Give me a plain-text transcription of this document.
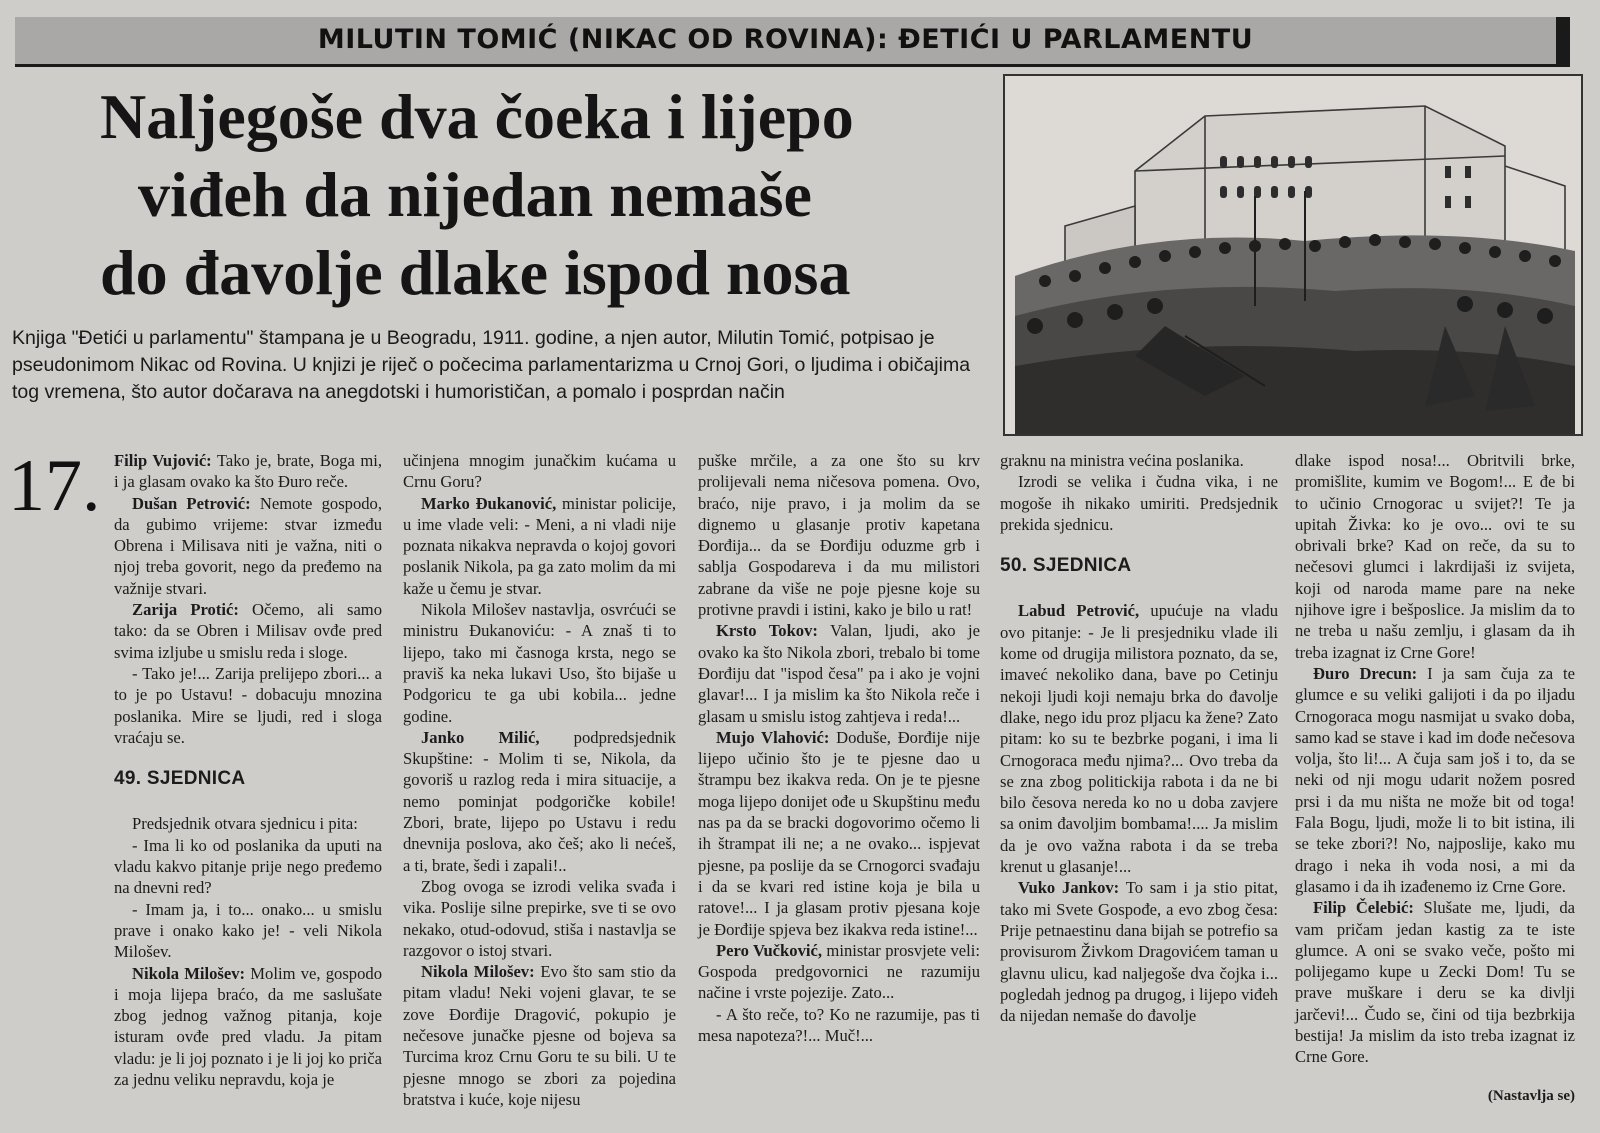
MILUTIN TOMIĆ (NIKAC OD ROVINA): ĐETIĆI U PARLAMENTU
Naljegoše dva čoeka i lijepo
viđeh da nijedan nemaše
do đavolje dlake ispod nosa
Knjiga "Đetići u parlamentu" štampana je u Beogradu, 1911. godine, a njen autor, Milutin Tomić, potpisao je pseudonimom Nikac od Rovina. U knjizi je riječ o počecima parlamentarizma u Crnoj Gori, o ljudima i običajima tog vremena, što autor dočarava na anegdotski i humorističan, a pomalo i posprdan način
17. Filip Vujović: Tako je, brate, Boga mi, i ja glasam ovako ka što Đuro reče.

Dušan Petrović: Nemote gospodo, da gubimo vrijeme: stvar između Obrena i Milisava niti je važna, niti o njoj treba govorit, nego da pređemo na važnije stvari.

Zarija Protić: Očemo, ali samo tako: da se Obren i Milisav ovđe pred svima izljube u smislu reda i sloge.

- Tako je!... Zarija prelijepo zbori... a to je po Ustavu! - dobacuju mnozina poslanika. Mire se ljudi, red i sloga vraćaju se.

49. SJEDNICA

Predsjednik otvara sjednicu i pita:

- Ima li ko od poslanika da uputi na vladu kakvo pitanje prije nego pređemo na dnevni red?

- Imam ja, i to... onako... u smislu prave i onako kako je! - veli Nikola Milošev.

Nikola Milošev: Molim ve, gospodo i moja lijepa braćo, da me saslušate zbog jednog važnog pitanja, koje isturam ovđe pred vladu. Ja pitam vladu: je li joj poznato i je li joj ko priča za jednu veliku nepravdu, koja je

učinjena mnogim junačkim kućama u Crnu Goru?

Marko Đukanović, ministar policije, u ime vlade veli: - Meni, a ni vladi nije poznata nikakva nepravda o kojoj govori poslanik Nikola, pa ga zato molim da mi kaže u čemu je stvar.

Nikola Milošev nastavlja, osvrćući se ministru Đukanoviću: - A znaš ti to lijepo, tako mi časnoga krsta, nego se praviš ka neka lukavi Uso, što bijaše u Podgoricu te ga ubi kobila... jedne godine.

Janko Milić, podpredsjednik Skupštine: - Molim ti se, Nikola, da govoriš u razlog reda i mira situacije, a nemo pominjat podgoričke kobile! Zbori, brate, lijepo po Ustavu i redu dnevnija poslova, ako češ; ako li nećeš, a ti, brate, šedi i zapali!..

Zbog ovoga se izrodi velika svađa i vika. Poslije silne prepirke, sve ti se ovo nekako, otud-odovud, stiša i nastavlja se razgovor o istoj stvari.

Nikola Milošev: Evo što sam stio da pitam vladu! Neki vojeni glavar, te se zove Đorđije Dragović, pokupio je nečesove junačke pjesne od bojeva sa Turcima kroz Crnu Goru te su bili. U te pjesne mnogo se zbori za pojedina bratstva i kuće, koje nijesu

puške mrčile, a za one što su krv prolijevali nema ničesova pomena. Ovo, braćo, nije pravo, i ja molim da se dignemo u glasanje protiv kapetana Đorđija... da se Đorđiju oduzme grb i sablja Gospodareva i da mu milistori zabrane da više ne poje pjesne koje su protivne pravdi i istini, kako je bilo u rat!

Krsto Tokov: Valan, ljudi, ako je ovako ka što Nikola zbori, trebalo bi tome Đorđiju dat "ispod česa" pa i ako je vojni glavar!... I ja mislim ka što Nikola reče i glasam u smislu istog zahtjeva i reda!...

Mujo Vlahović: Doduše, Đorđije nije lijepo učinio što je te pjesne dao u štrampu bez ikakva reda. On je te pjesne moga lijepo donijet ođe u Skupštinu među nas pa da se bracki dogovorimo očemo li ih štrampat ili ne; a ne ovako... ispjevat pjesne, pa poslije da se Crnogorci svađaju i da se kvari red istine koja je bila u ratove!... I ja glasam protiv pjesana koje je Đorđije spjeva bez ikakva reda istine!...

Pero Vučković, ministar prosvjete veli: Gospoda predgovornici ne razumiju načine i vrste pojezije. Zato...

- A što reče, to? Ko ne razumije, pas ti mesa napoteza?!... Muč!...

graknu na ministra većina poslanika.

Izrodi se velika i čudna vika, i ne mogoše ih nikako umiriti. Predsjednik prekida sjednicu.

50. SJEDNICA

Labud Petrović, upućuje na vladu ovo pitanje: - Je li presjedniku vlade ili kome od drugija milistora poznato, da se, imaveć nekoliko dana, bave po Cetinju nekoji ljudi koji nemaju brka do đavolje dlake, nego idu proz pljacu ka žene? Zato pitam: ko su te bezbrke pogani, i ima li Crnogoraca među njima?... Ovo treba da se zna zbog politickija rabota i da ne bi bilo česova nereda ko no u doba zavjere sa onim đavoljim bombama!.... Ja mislim da je ovo važna rabota i da se treba krenut u glasanje!...

Vuko Jankov: To sam i ja stio pitat, tako mi Svete Gospođe, a evo zbog česa: Prije petnaestinu dana bijah se potrefio sa provisurom Živkom Dragovićem taman u glavnu ulicu, kad naljegoše dva čojka i... pogledah jednog pa drugog, i lijepo viđeh da nijedan nemaše do đavolje

dlake ispod nosa!... Obritvili brke, promišlite, kumim ve Bogom!... E đe bi to učinio Crnogorac u svijet?! Te ja upitah Živka: ko je ovo... ovi te su obrivali brke? Kad on reče, da su to nečesovi glumci i lakrdijaši iz svijeta, koji od naroda mame pare na neke njihove igre i bešposlice. Ja mislim da to ne treba u našu zemlju, i glasam da ih treba izagnat iz Crne Gore!

Đuro Drecun: I ja sam čuja za te glumce e su veliki galijoti i da po iljadu Crnogoraca mogu nasmijat u svako doba, samo kad se stave i kad im dođe nečesova volja, što li!... A čuja sam još i to, da se neki od nji mogu udarit nožem posred prsi i da mu ništa ne može bit od toga! Fala Bogu, ljudi, može li to bit istina, ili se teke zbori?! No, najposlije, kako mu drago i neka ih voda nosi, a mi da glasamo i da ih izađenemo iz Crne Gore.

Filip Čelebić: Slušate me, ljudi, da vam pričam jedan kastig za te iste glumce. A oni se svako veče, pošto mi polijegamo kupe u Zecki Dom! Tu se prave muškare i deru se ka divlji jarčevi!... Čudo se, čini od tija bezbrkija bestija! Ja mislim da isto treba izagnat iz Crne Gore.

(Nastavlja se)
